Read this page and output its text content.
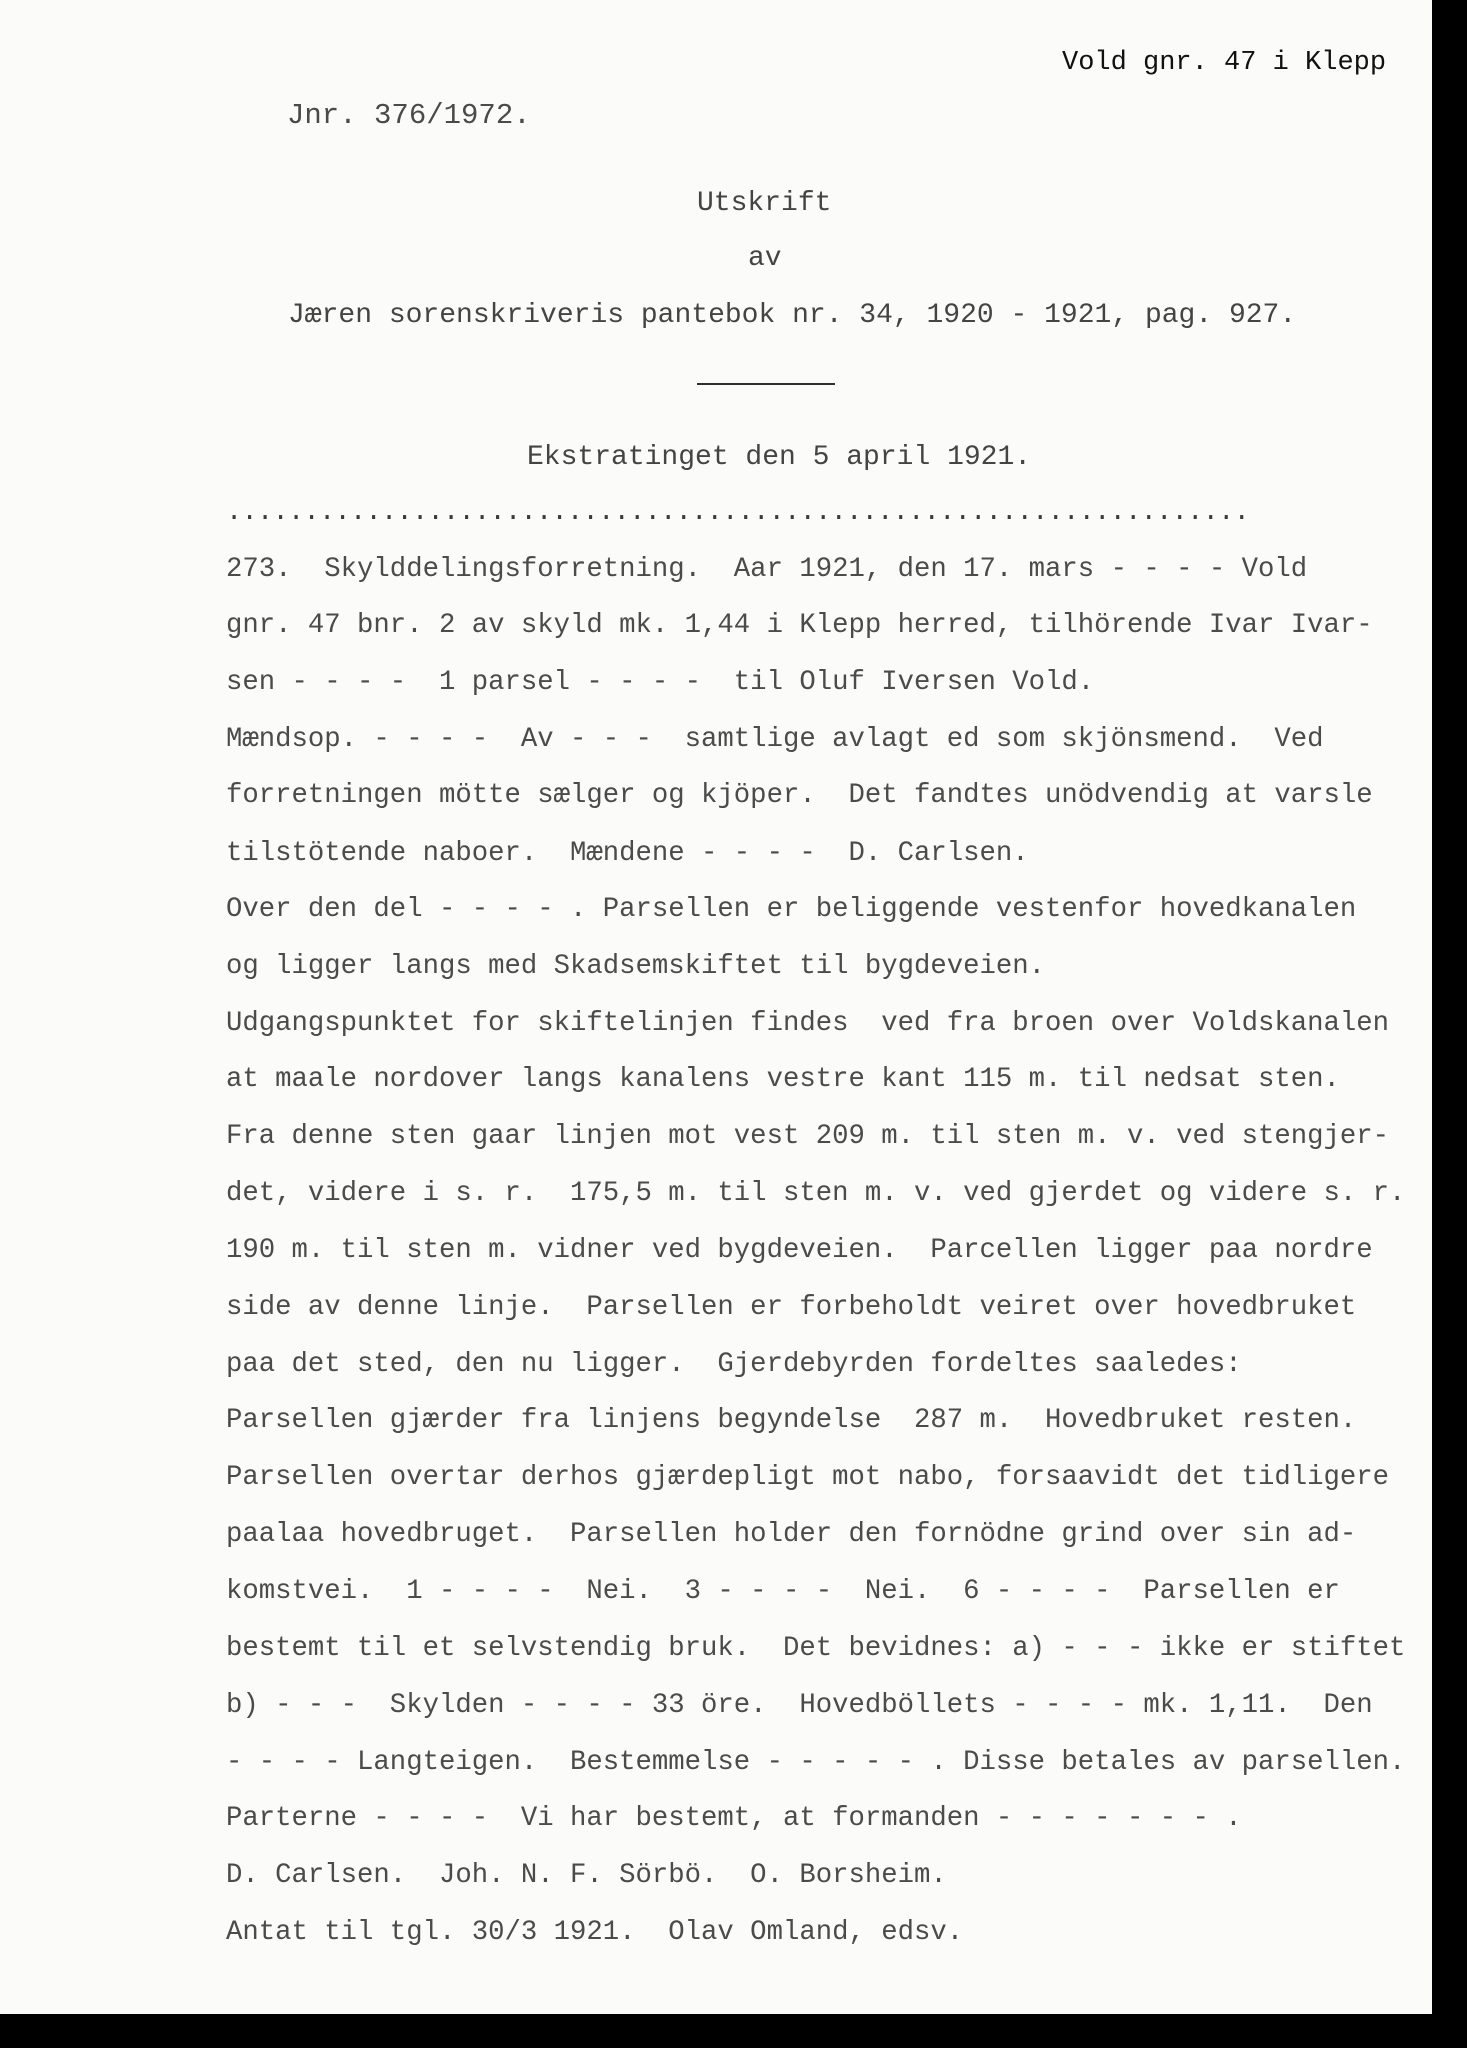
Vold gnr. 47 i Klepp
Jnr. 376/1972.
Utskrift
av
Jæren sorenskriveris pantebok nr. 34, 1920 - 1921, pag. 927.
Ekstratinget den 5 april 1921.
..................................................................
273.  Skylddelingsforretning.  Aar 1921, den 17. mars - - - - Vold
gnr. 47 bnr. 2 av skyld mk. 1,44 i Klepp herred, tilhörende Ivar Ivar-
sen - - - -  1 parsel - - - -  til Oluf Iversen Vold.
Mændsop. - - - -  Av - - -  samtlige avlagt ed som skjönsmend.  Ved
forretningen mötte sælger og kjöper.  Det fandtes unödvendig at varsle
tilstötende naboer.  Mændene - - - -  D. Carlsen.
Over den del - - - - . Parsellen er beliggende vestenfor hovedkanalen
og ligger langs med Skadsemskiftet til bygdeveien.
Udgangspunktet for skiftelinjen findes  ved fra broen over Voldskanalen
at maale nordover langs kanalens vestre kant 115 m. til nedsat sten.
Fra denne sten gaar linjen mot vest 209 m. til sten m. v. ved stengjer-
det, videre i s. r.  175,5 m. til sten m. v. ved gjerdet og videre s. r.
190 m. til sten m. vidner ved bygdeveien.  Parcellen ligger paa nordre
side av denne linje.  Parsellen er forbeholdt veiret over hovedbruket
paa det sted, den nu ligger.  Gjerdebyrden fordeltes saaledes:
Parsellen gjærder fra linjens begyndelse  287 m.  Hovedbruket resten.
Parsellen overtar derhos gjærdepligt mot nabo, forsaavidt det tidligere
paalaa hovedbruget.  Parsellen holder den fornödne grind over sin ad-
komstvei.  1 - - - -  Nei.  3 - - - -  Nei.  6 - - - -  Parsellen er
bestemt til et selvstendig bruk.  Det bevidnes: a) - - - ikke er stiftet
b) - - -  Skylden - - - - 33 öre.  Hovedböllets - - - - mk. 1,11.  Den
- - - - Langteigen.  Bestemmelse - - - - - . Disse betales av parsellen.
Parterne - - - -  Vi har bestemt, at formanden - - - - - - - .
D. Carlsen.  Joh. N. F. Sörbö.  O. Borsheim.
Antat til tgl. 30/3 1921.  Olav Omland, edsv.
